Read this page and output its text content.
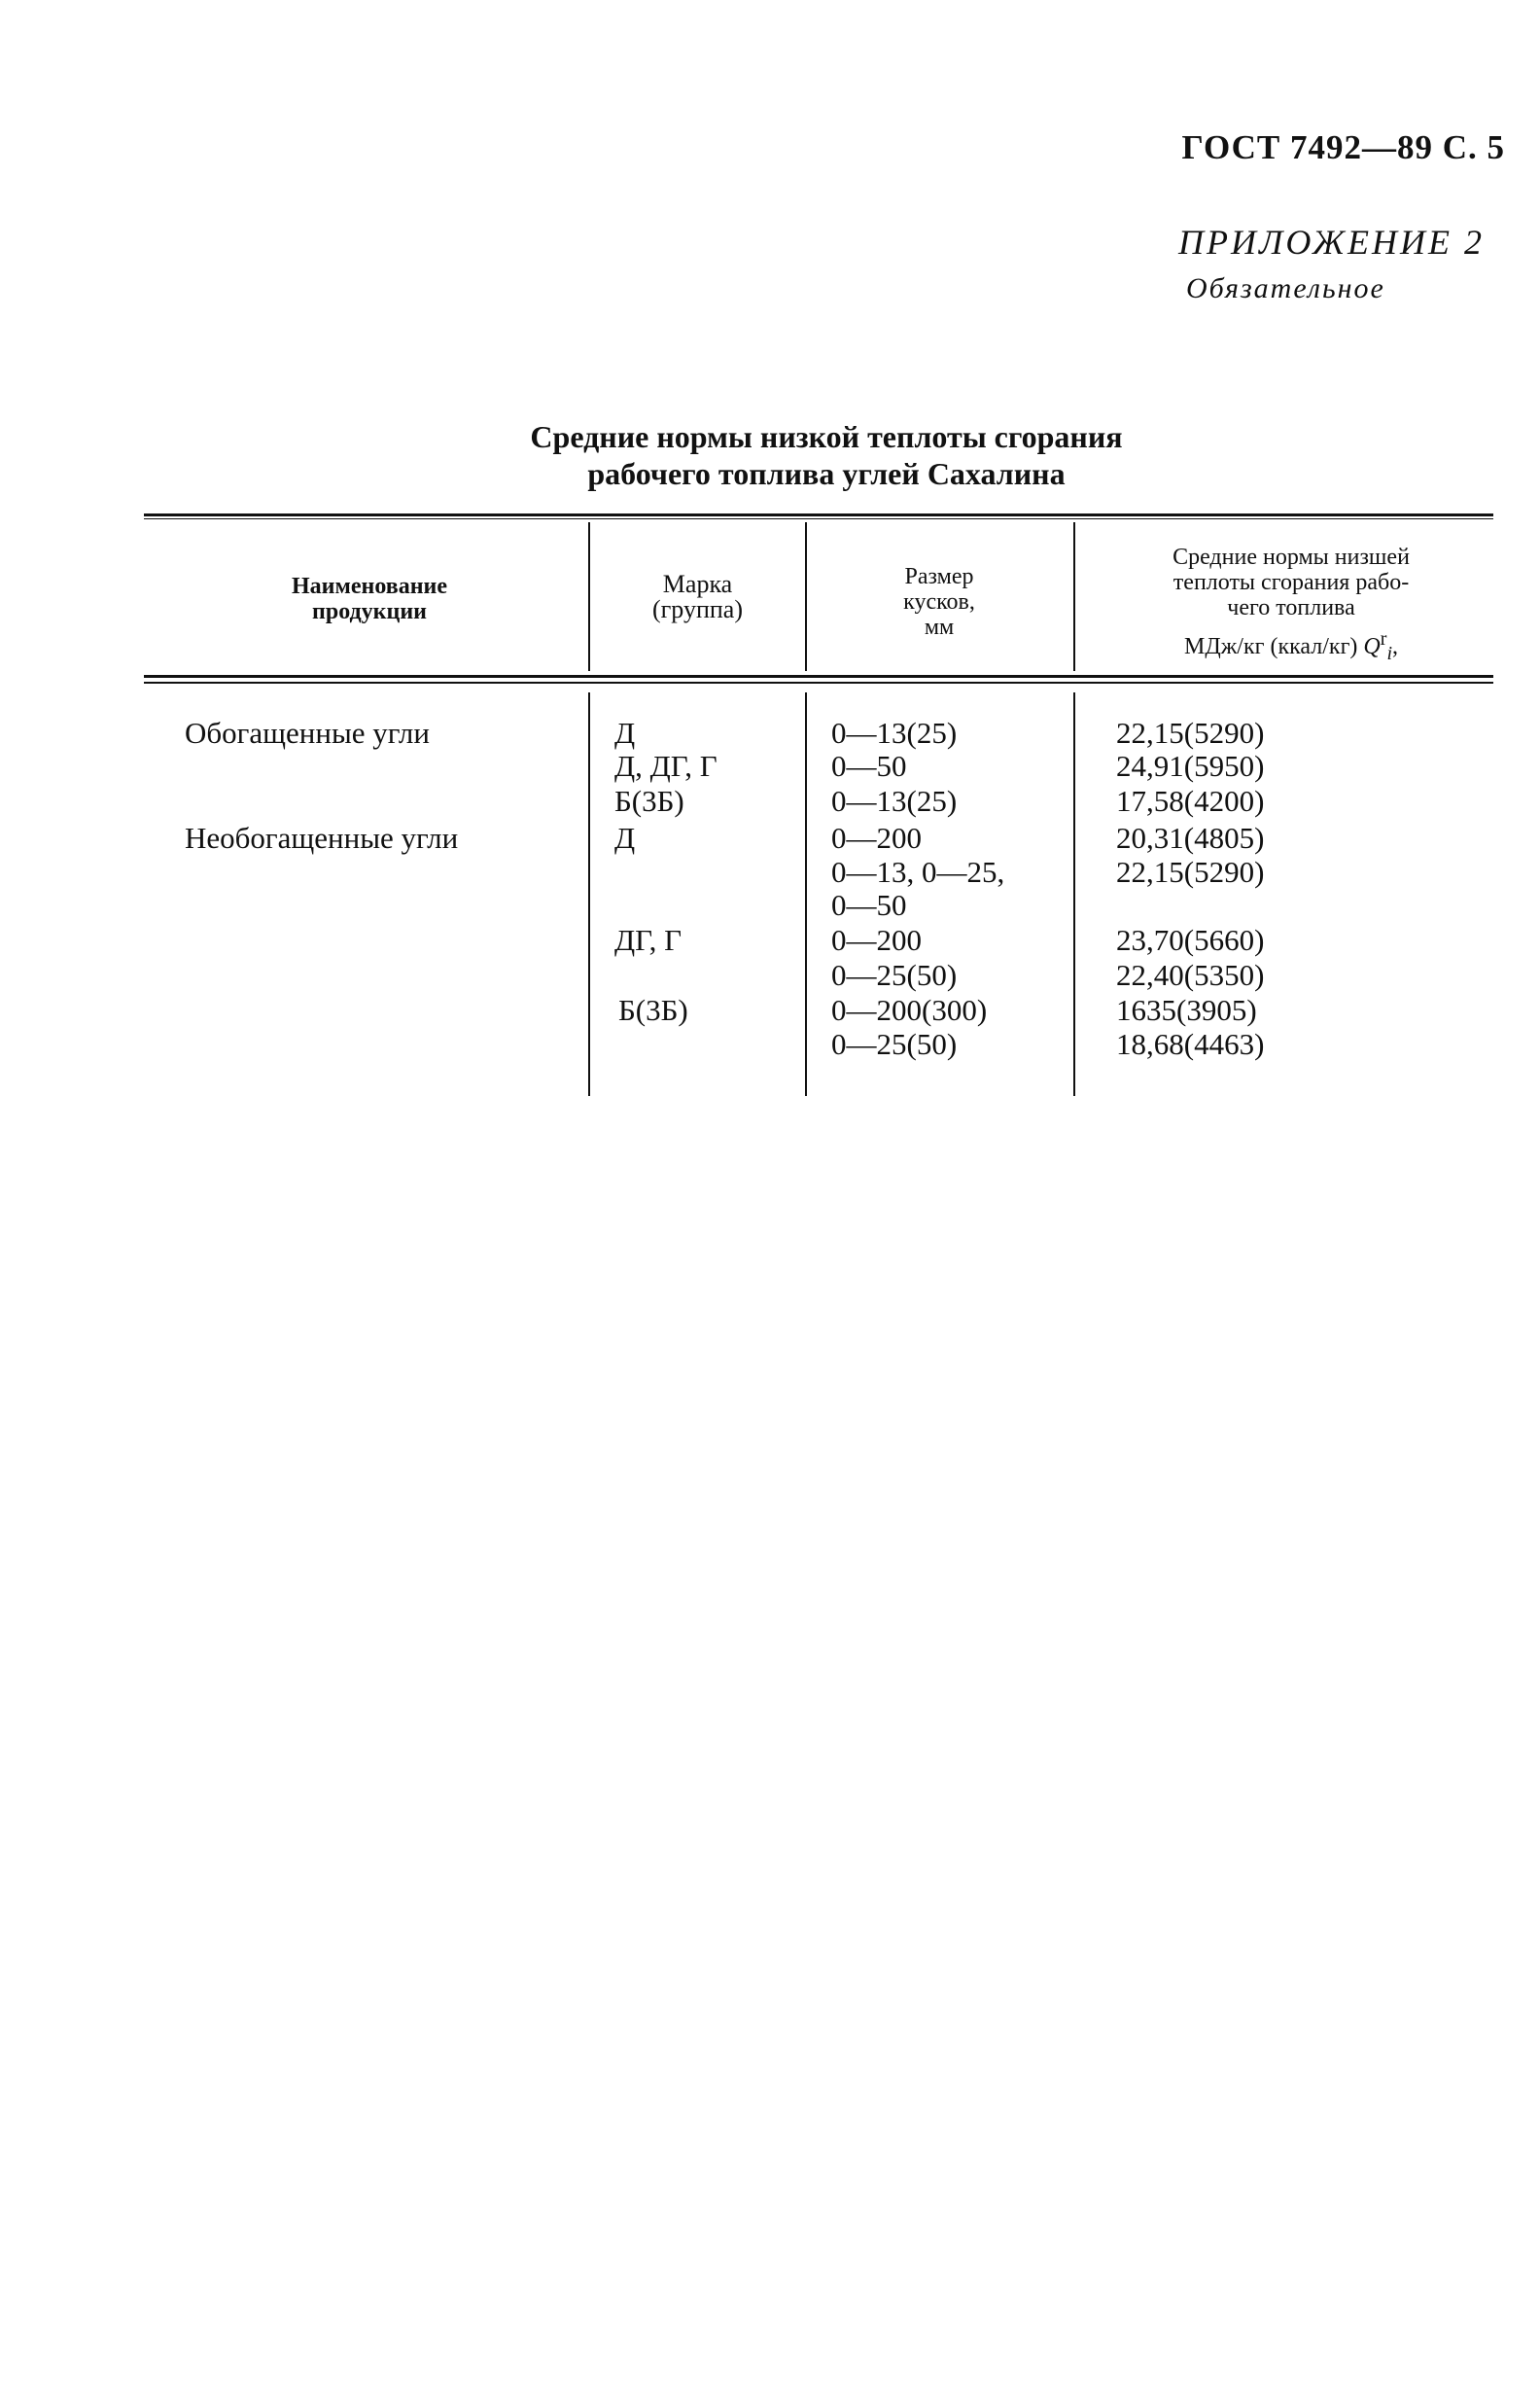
ГОСТ 7492—89 С. 5
ПРИЛОЖЕНИЕ 2
Обязательное
Средние нормы низкой теплоты сгорания
рабочего топлива углей Сахалина
Наименование
продукции
Марка
(группа)
Размер
кусков,
мм
Средние нормы низшей
теплоты сгорания рабо-
чего топлива
МДж/кг (ккал/кг) $Q^r_i$,
Обогащенные угли
Необогащенные угли
Д
Д, ДГ, Г
Б(3Б)
Д
ДГ, Г
Б(3Б)
0—13(25)
0—50
0—13(25)
0—200
0—13, 0—25,
0—50
0—200
0—25(50)
0—200(300)
0—25(50)
22,15(5290)
24,91(5950)
17,58(4200)
20,31(4805)
22,15(5290)
23,70(5660)
22,40(5350)
1635(3905)
18,68(4463)
